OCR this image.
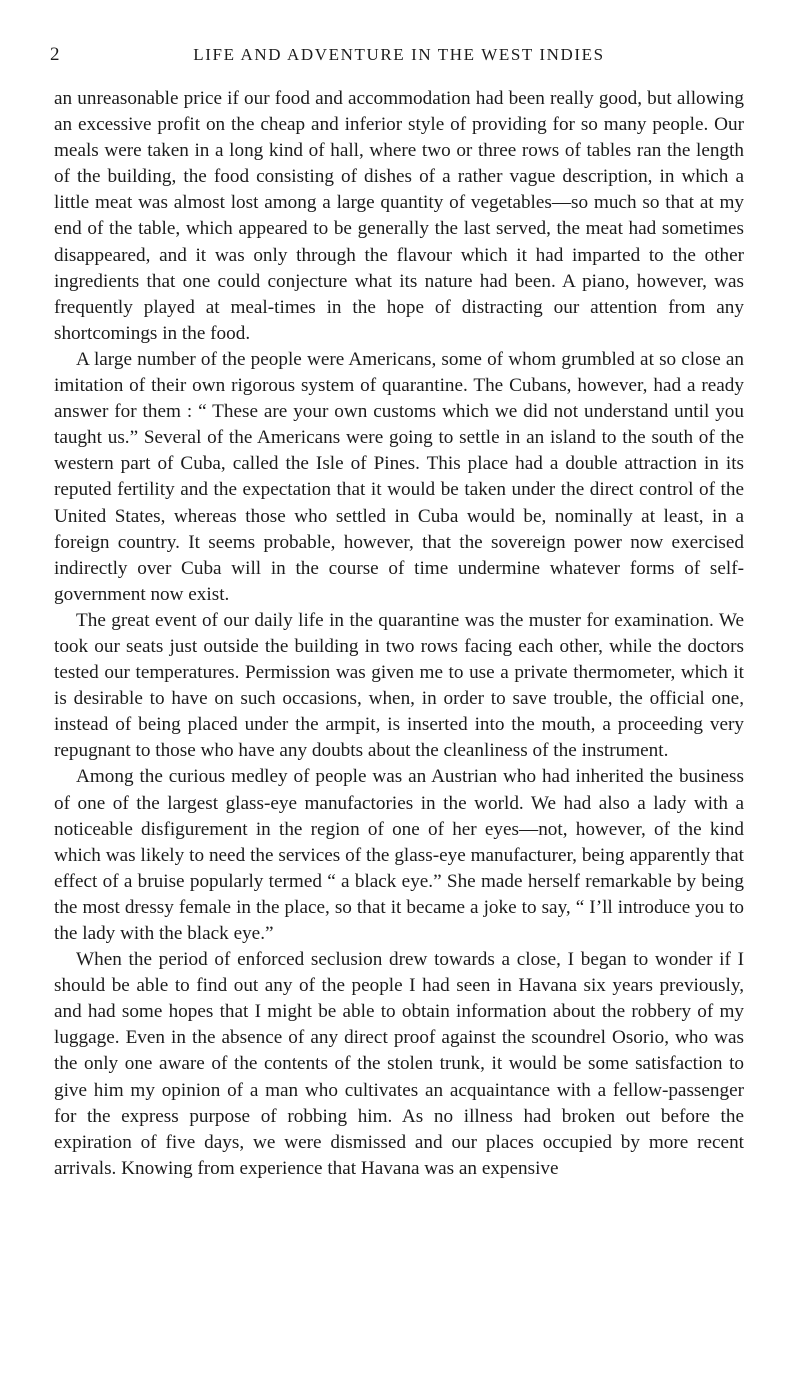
2	LIFE AND ADVENTURE IN THE WEST INDIES

an unreasonable price if our food and accommodation had been really good, but allowing an excessive profit on the cheap and inferior style of providing for so many people. Our meals were taken in a long kind of hall, where two or three rows of tables ran the length of the building, the food consisting of dishes of a rather vague description, in which a little meat was almost lost among a large quantity of vegetables—so much so that at my end of the table, which appeared to be generally the last served, the meat had sometimes disappeared, and it was only through the flavour which it had imparted to the other ingredients that one could conjecture what its nature had been. A piano, however, was frequently played at meal-times in the hope of distracting our attention from any shortcomings in the food.

A large number of the people were Americans, some of whom grumbled at so close an imitation of their own rigorous system of quarantine. The Cubans, however, had a ready answer for them : “ These are your own customs which we did not understand until you taught us.” Several of the Americans were going to settle in an island to the south of the western part of Cuba, called the Isle of Pines. This place had a double attraction in its reputed fertility and the expectation that it would be taken under the direct control of the United States, whereas those who settled in Cuba would be, nominally at least, in a foreign country. It seems probable, however, that the sovereign power now exercised indirectly over Cuba will in the course of time undermine whatever forms of self-government now exist.

The great event of our daily life in the quarantine was the muster for examination. We took our seats just outside the building in two rows facing each other, while the doctors tested our temperatures. Permission was given me to use a private thermometer, which it is desirable to have on such occasions, when, in order to save trouble, the official one, instead of being placed under the armpit, is inserted into the mouth, a proceeding very repugnant to those who have any doubts about the cleanliness of the instrument.

Among the curious medley of people was an Austrian who had inherited the business of one of the largest glass-eye manufactories in the world. We had also a lady with a noticeable disfigurement in the region of one of her eyes—not, however, of the kind which was likely to need the services of the glass-eye manufacturer, being apparently that effect of a bruise popularly termed “ a black eye.” She made herself remarkable by being the most dressy female in the place, so that it became a joke to say, “ I’ll introduce you to the lady with the black eye.”

When the period of enforced seclusion drew towards a close, I began to wonder if I should be able to find out any of the people I had seen in Havana six years previously, and had some hopes that I might be able to obtain information about the robbery of my luggage. Even in the absence of any direct proof against the scoundrel Osorio, who was the only one aware of the contents of the stolen trunk, it would be some satisfaction to give him my opinion of a man who cultivates an acquaintance with a fellow-passenger for the express purpose of robbing him. As no illness had broken out before the expiration of five days, we were dismissed and our places occupied by more recent arrivals. Knowing from experience that Havana was an expensive
